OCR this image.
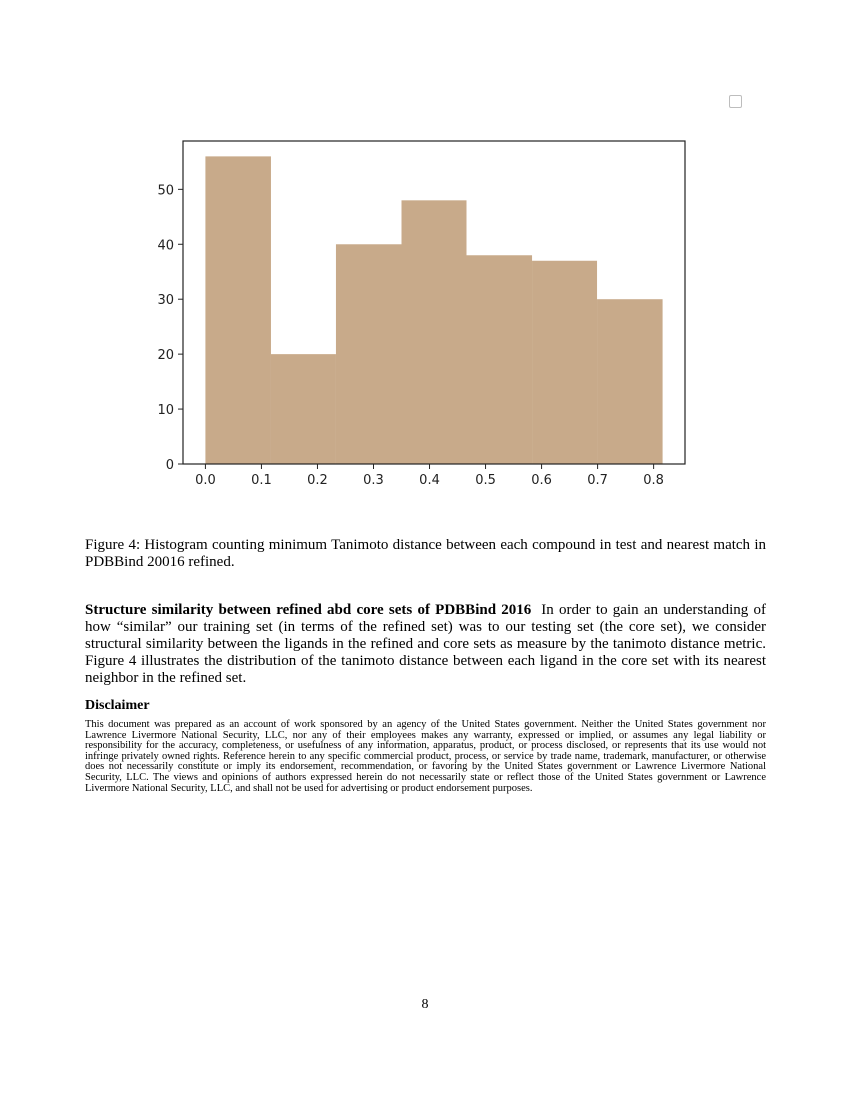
0.0	0.1	0.2	0.3	0.4	0.5	0.6	0.7	0.8
0
10
20
30
40
50
Figure 4: Histogram counting minimum Tanimoto distance between each compound in test and nearest match in PDBBind 20016 refined.
Structure similarity between refined abd core sets of PDBBind 2016 In order to gain an understanding of how “similar” our training set (in terms of the refined set) was to our testing set (the core set), we consider structural similarity between the ligands in the refined and core sets as measure by the tanimoto distance metric. Figure 4 illustrates the distribution of the tanimoto distance between each ligand in the core set with its nearest neighbor in the refined set.
Disclaimer
This document was prepared as an account of work sponsored by an agency of the United States government. Neither the United States government nor Lawrence Livermore National Security, LLC, nor any of their employees makes any warranty, expressed or implied, or assumes any legal liability or responsibility for the accuracy, completeness, or usefulness of any information, apparatus, product, or process disclosed, or represents that its use would not infringe privately owned rights. Reference herein to any specific commercial product, process, or service by trade name, trademark, manufacturer, or otherwise does not necessarily constitute or imply its endorsement, recommendation, or favoring by the United States government or Lawrence Livermore National Security, LLC. The views and opinions of authors expressed herein do not necessarily state or reflect those of the United States government or Lawrence Livermore National Security, LLC, and shall not be used for advertising or product endorsement purposes.
8
